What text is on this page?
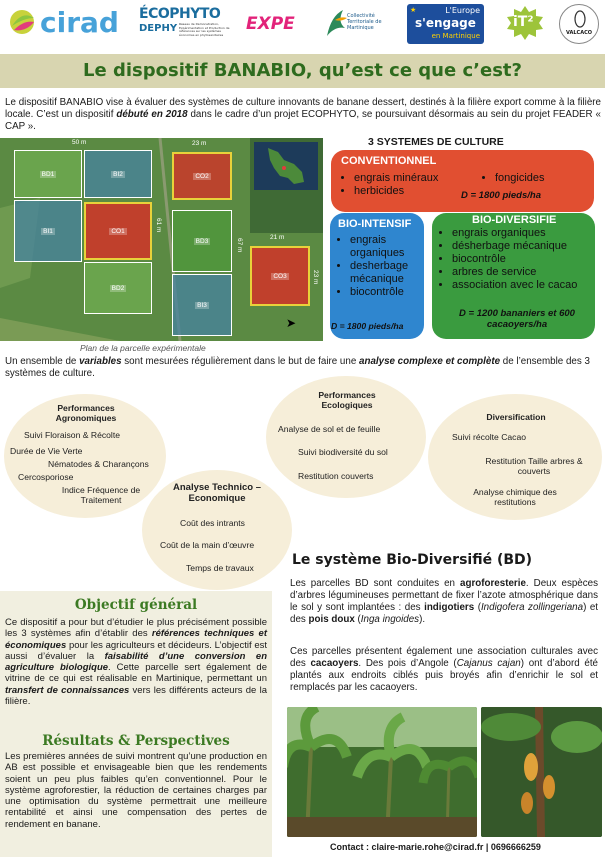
cirad ÉCOPHYTO
DEPHY Réseau de Démonstration, Expérimentation et Production de références sur les systèmes économes en phytosanitaires
EXPE	Collectivité Territoriale de Martinique
L'Europe
s'engage
en Martinique
★
iT²
VALCACO
Le dispositif BANABIO, qu’est ce que c’est?
Le dispositif BANABIO vise à évaluer des systèmes de culture innovants de banane dessert, destinés à la filière export comme à la filière locale. C’est un dispositif débuté en 2018 dans le cadre d’un projet ECOPHYTO, se poursuivant désormais au sein du projet FEADER « CAP ».
BD1	BI2	CO2
BI1	CO1
BD3
BD2
BI3
CO3
50 m	23 m
21 m
23 m
67 m
61 m
➤
Plan de la parcelle expérimentale
3 SYSTEMES DE CULTURE
CONVENTIONNEL
• engrais minéraux
• herbicides
• fongicides
D = 1800 pieds/ha
BIO-INTENSIF
• engrais organiques
• desherbage mécanique
• biocontrôle
D = 1800 pieds/ha
BIO-DIVERSIFIE
• engrais organiques
• désherbage mécanique
• biocontrôle
• arbres de service
• association avec le cacao
D = 1200 bananiers et 600 cacaoyers/ha
Un ensemble de variables sont mesurées régulièrement dans le but de faire une analyse complexe et complète de l’ensemble des 3 systèmes de culture.
Performances Agronomiques
Suivi Floraison & Récolte
Durée de Vie Verte
Nématodes & Charançons
Cercosporiose
Indice Fréquence de Traitement
Performances Ecologiques
Analyse de sol et de feuille
Suivi biodiversité du sol
Restitution couverts
Diversification
Suivi récolte Cacao
Restitution Taille arbres & couverts
Analyse chimique des restitutions
Analyse Technico – Economique
Coût des intrants
Coût de la main d’œuvre
Temps de travaux
Objectif général

Ce dispositif a pour but d’étudier le plus précisément possible les 3 systèmes afin d’établir des références techniques et économiques pour les agriculteurs et décideurs. L’objectif est aussi d’évaluer la faisabilité d’une conversion en agriculture biologique. Cette parcelle sert également de vitrine de ce qui est réalisable en Martinique, permettant un transfert de connaissances vers les différents acteurs de la filière.

Résultats & Perspectives

Les premières années de suivi montrent qu’une production en AB est possible et envisageable bien que les rendements soient un peu plus faibles qu’en conventionnel. Pour le système agroforestier, la réduction de certaines charges par une optimisation du système permettrait une meilleure rentabilité et ainsi une compensation des pertes de rendement en banane.

Le système Bio-Diversifié (BD)
Les parcelles BD sont conduites en agroforesterie. Deux espèces d’arbres légumineuses permettant de fixer l’azote atmosphérique dans le sol y sont implantées : des indigotiers (Indigofera zollingeriana) et des pois doux (Inga ingoides).
Ces parcelles présentent également une association culturales avec des cacaoyers. Des pois d’Angole (Cajanus cajan) ont d’abord été plantés aux endroits ciblés puis broyés afin d’enrichir le sol et remplacés par les cacaoyers.
Contact : claire-marie.rohe@cirad.fr | 0696666259
